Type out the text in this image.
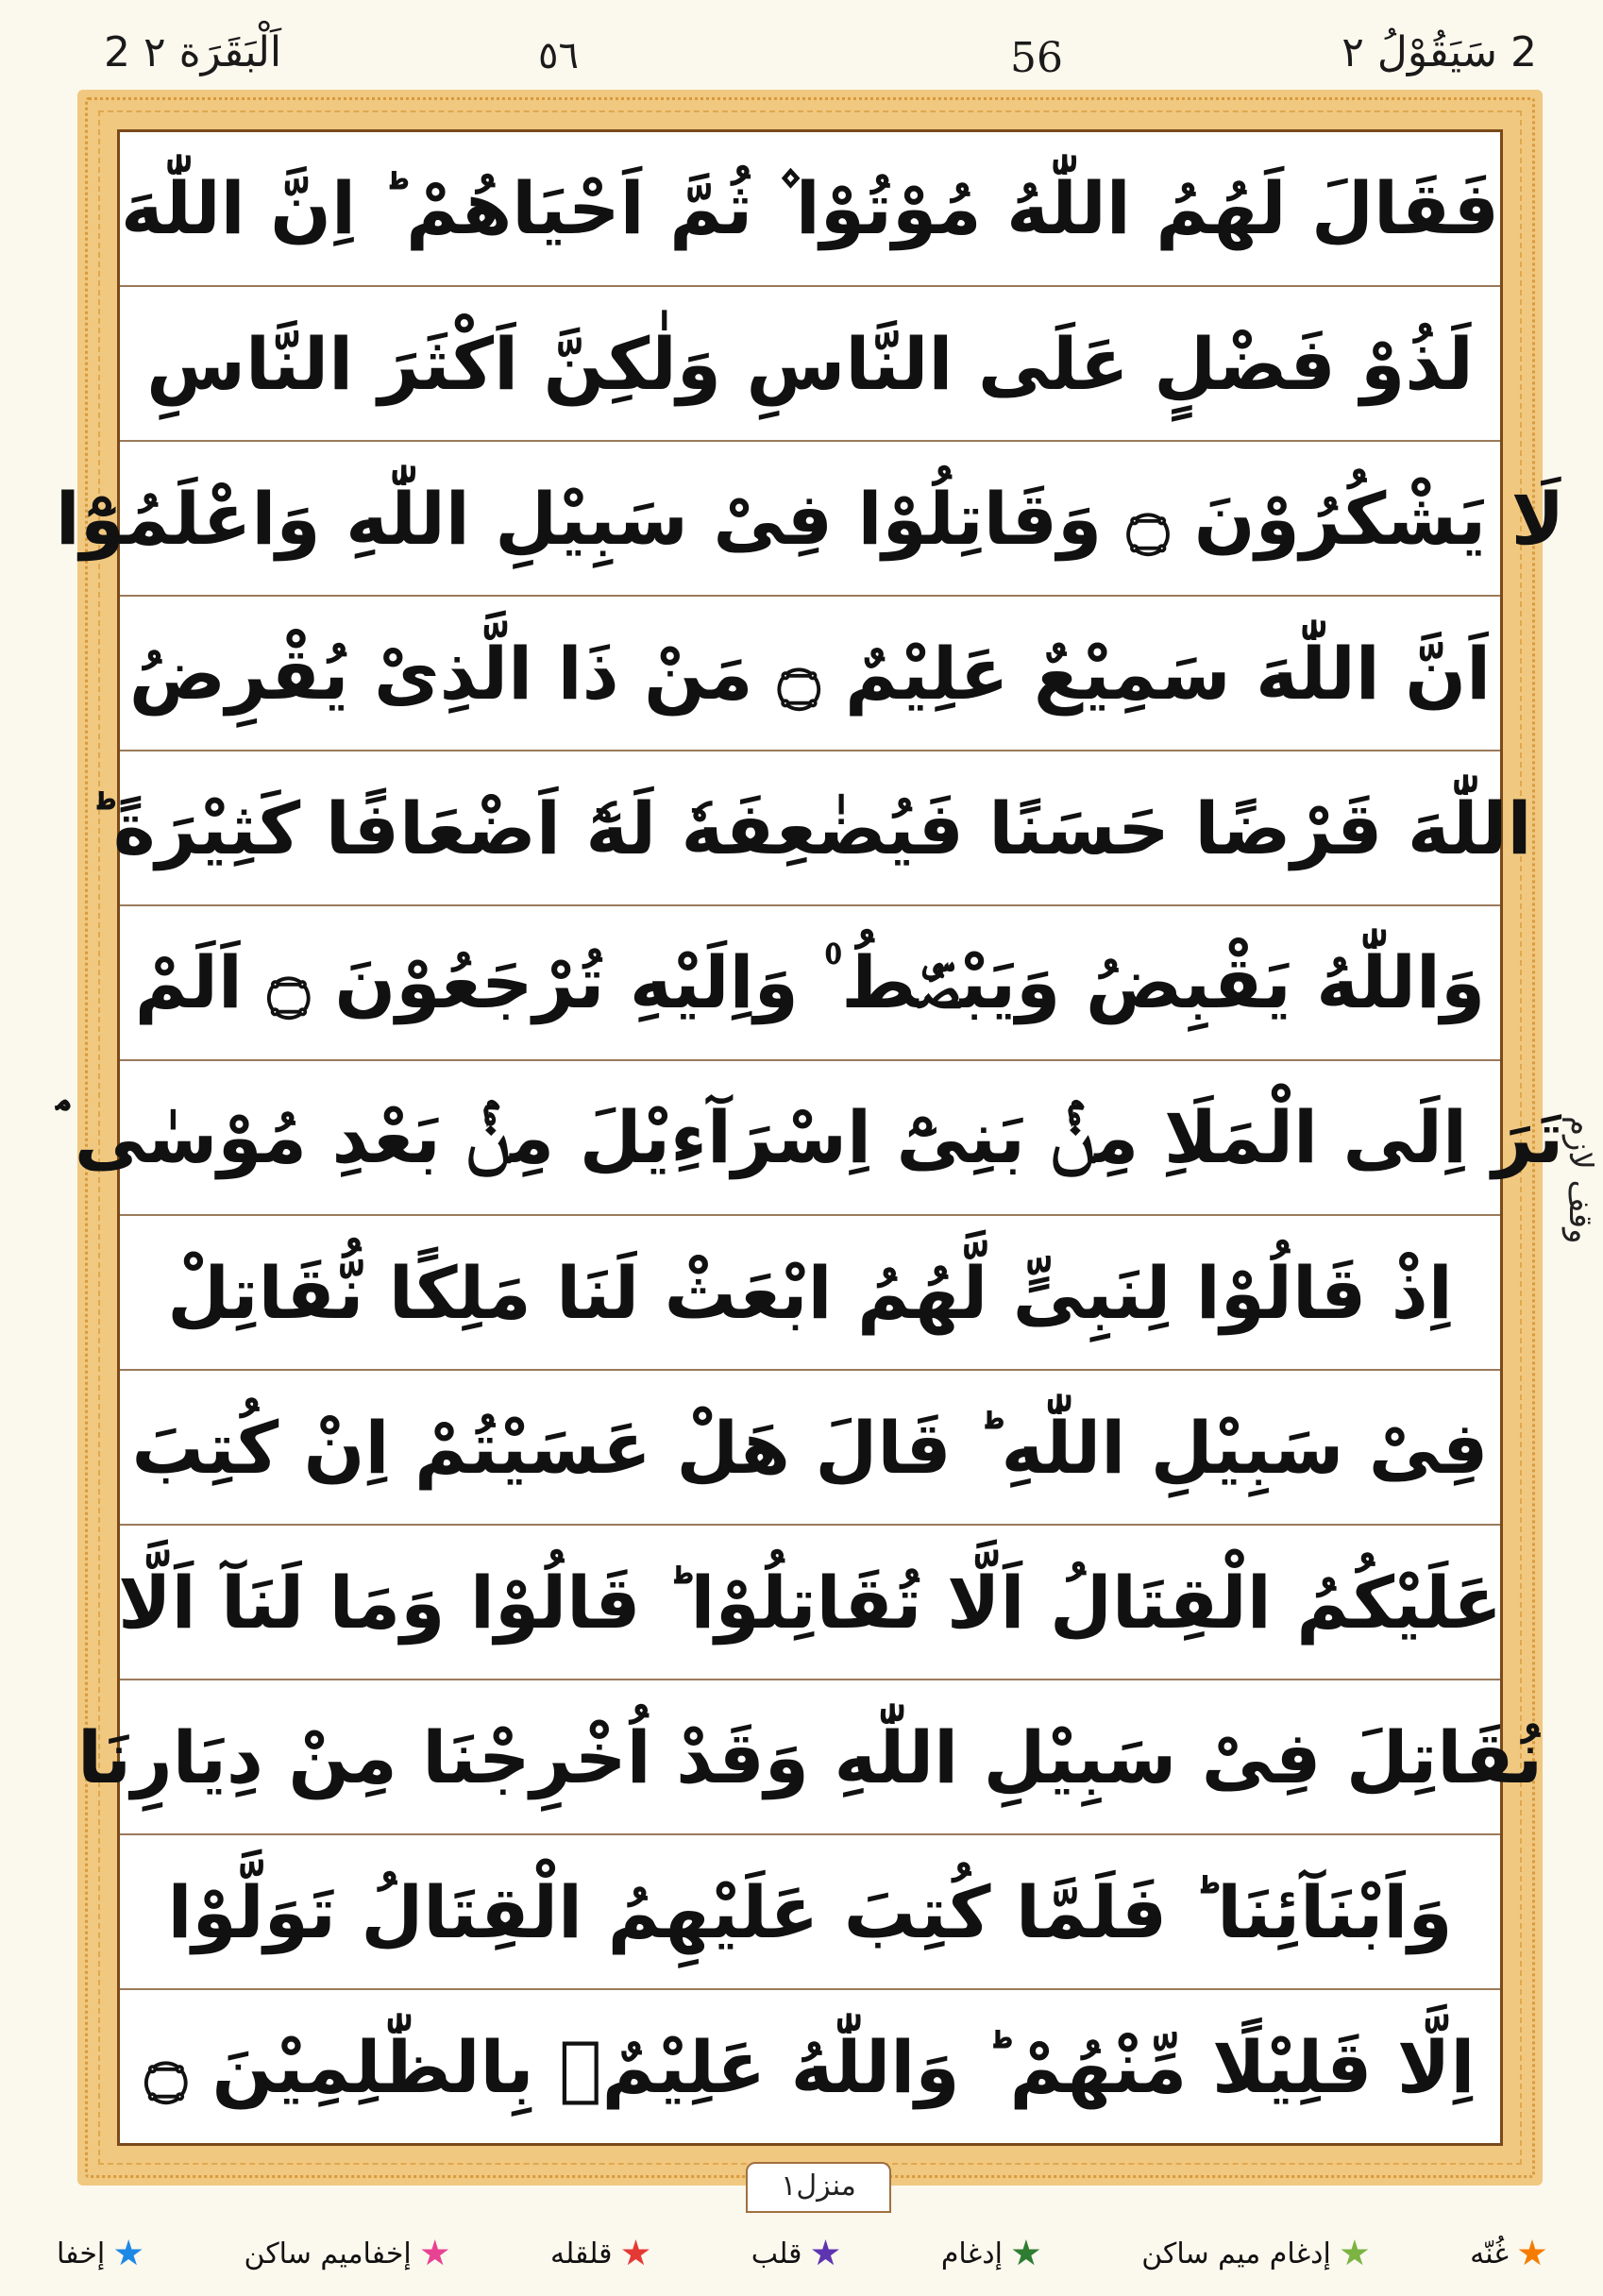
2 اَلْبَقَرَة ۲	٥٦	56	2 سَیَقُوْلُ ۲
فَقَالَ لَهُمُ اللّٰهُ مُوْتُوْا ۫ ثُمَّ اَحْيَاهُمْ ؕ اِنَّ اللّٰهَ
لَذُوْ فَضْلٍ عَلَى النَّاسِ وَلٰكِنَّ اَكْثَرَ النَّاسِ
لَا يَشْكُرُوْنَ ۝ وَقَاتِلُوْا فِىْ سَبِيْلِ اللّٰهِ وَاعْلَمُوْٓا
اَنَّ اللّٰهَ سَمِيْعٌ عَلِيْمٌ ۝ مَنْ ذَا الَّذِىْ يُقْرِضُ
اللّٰهَ قَرْضًا حَسَنًا فَيُضٰعِفَهٗ لَهٗٓ اَضْعَافًا كَثِيْرَةً ؕ
وَاللّٰهُ يَقْبِضُ وَيَبْصُۜطُ ۠ وَاِلَيْهِ تُرْجَعُوْنَ ۝ اَلَمْ
تَرَ اِلَى الْمَلَاِ مِنْۢ بَنِىْٓ اِسْرَآءِيْلَ مِنْۢ بَعْدِ مُوْسٰى ۘ
اِذْ قَالُوْا لِنَبِىٍّ لَّهُمُ ابْعَثْ لَنَا مَلِكًا نُّقَاتِلْ
فِىْ سَبِيْلِ اللّٰهِ ؕ قَالَ هَلْ عَسَيْتُمْ اِنْ كُتِبَ
عَلَيْكُمُ الْقِتَالُ اَلَّا تُقَاتِلُوْا ؕ قَالُوْا وَمَا لَنَآ اَلَّا
نُقَاتِلَ فِىْ سَبِيْلِ اللّٰهِ وَقَدْ اُخْرِجْنَا مِنْ دِيَارِنَا
وَاَبْنَآئِنَا ؕ فَلَمَّا كُتِبَ عَلَيْهِمُ الْقِتَالُ تَوَلَّوْا
اِلَّا قَلِيْلًا مِّنْهُمْ ؕ وَاللّٰهُ عَلِيْمٌۢ بِالظّٰلِمِيْنَ ۝
وقف لازم
منزل۱
إخفا	إخفاميم ساكن	قلقله	قلب	إدغام	إدغام ميم ساكن	غُنّه
